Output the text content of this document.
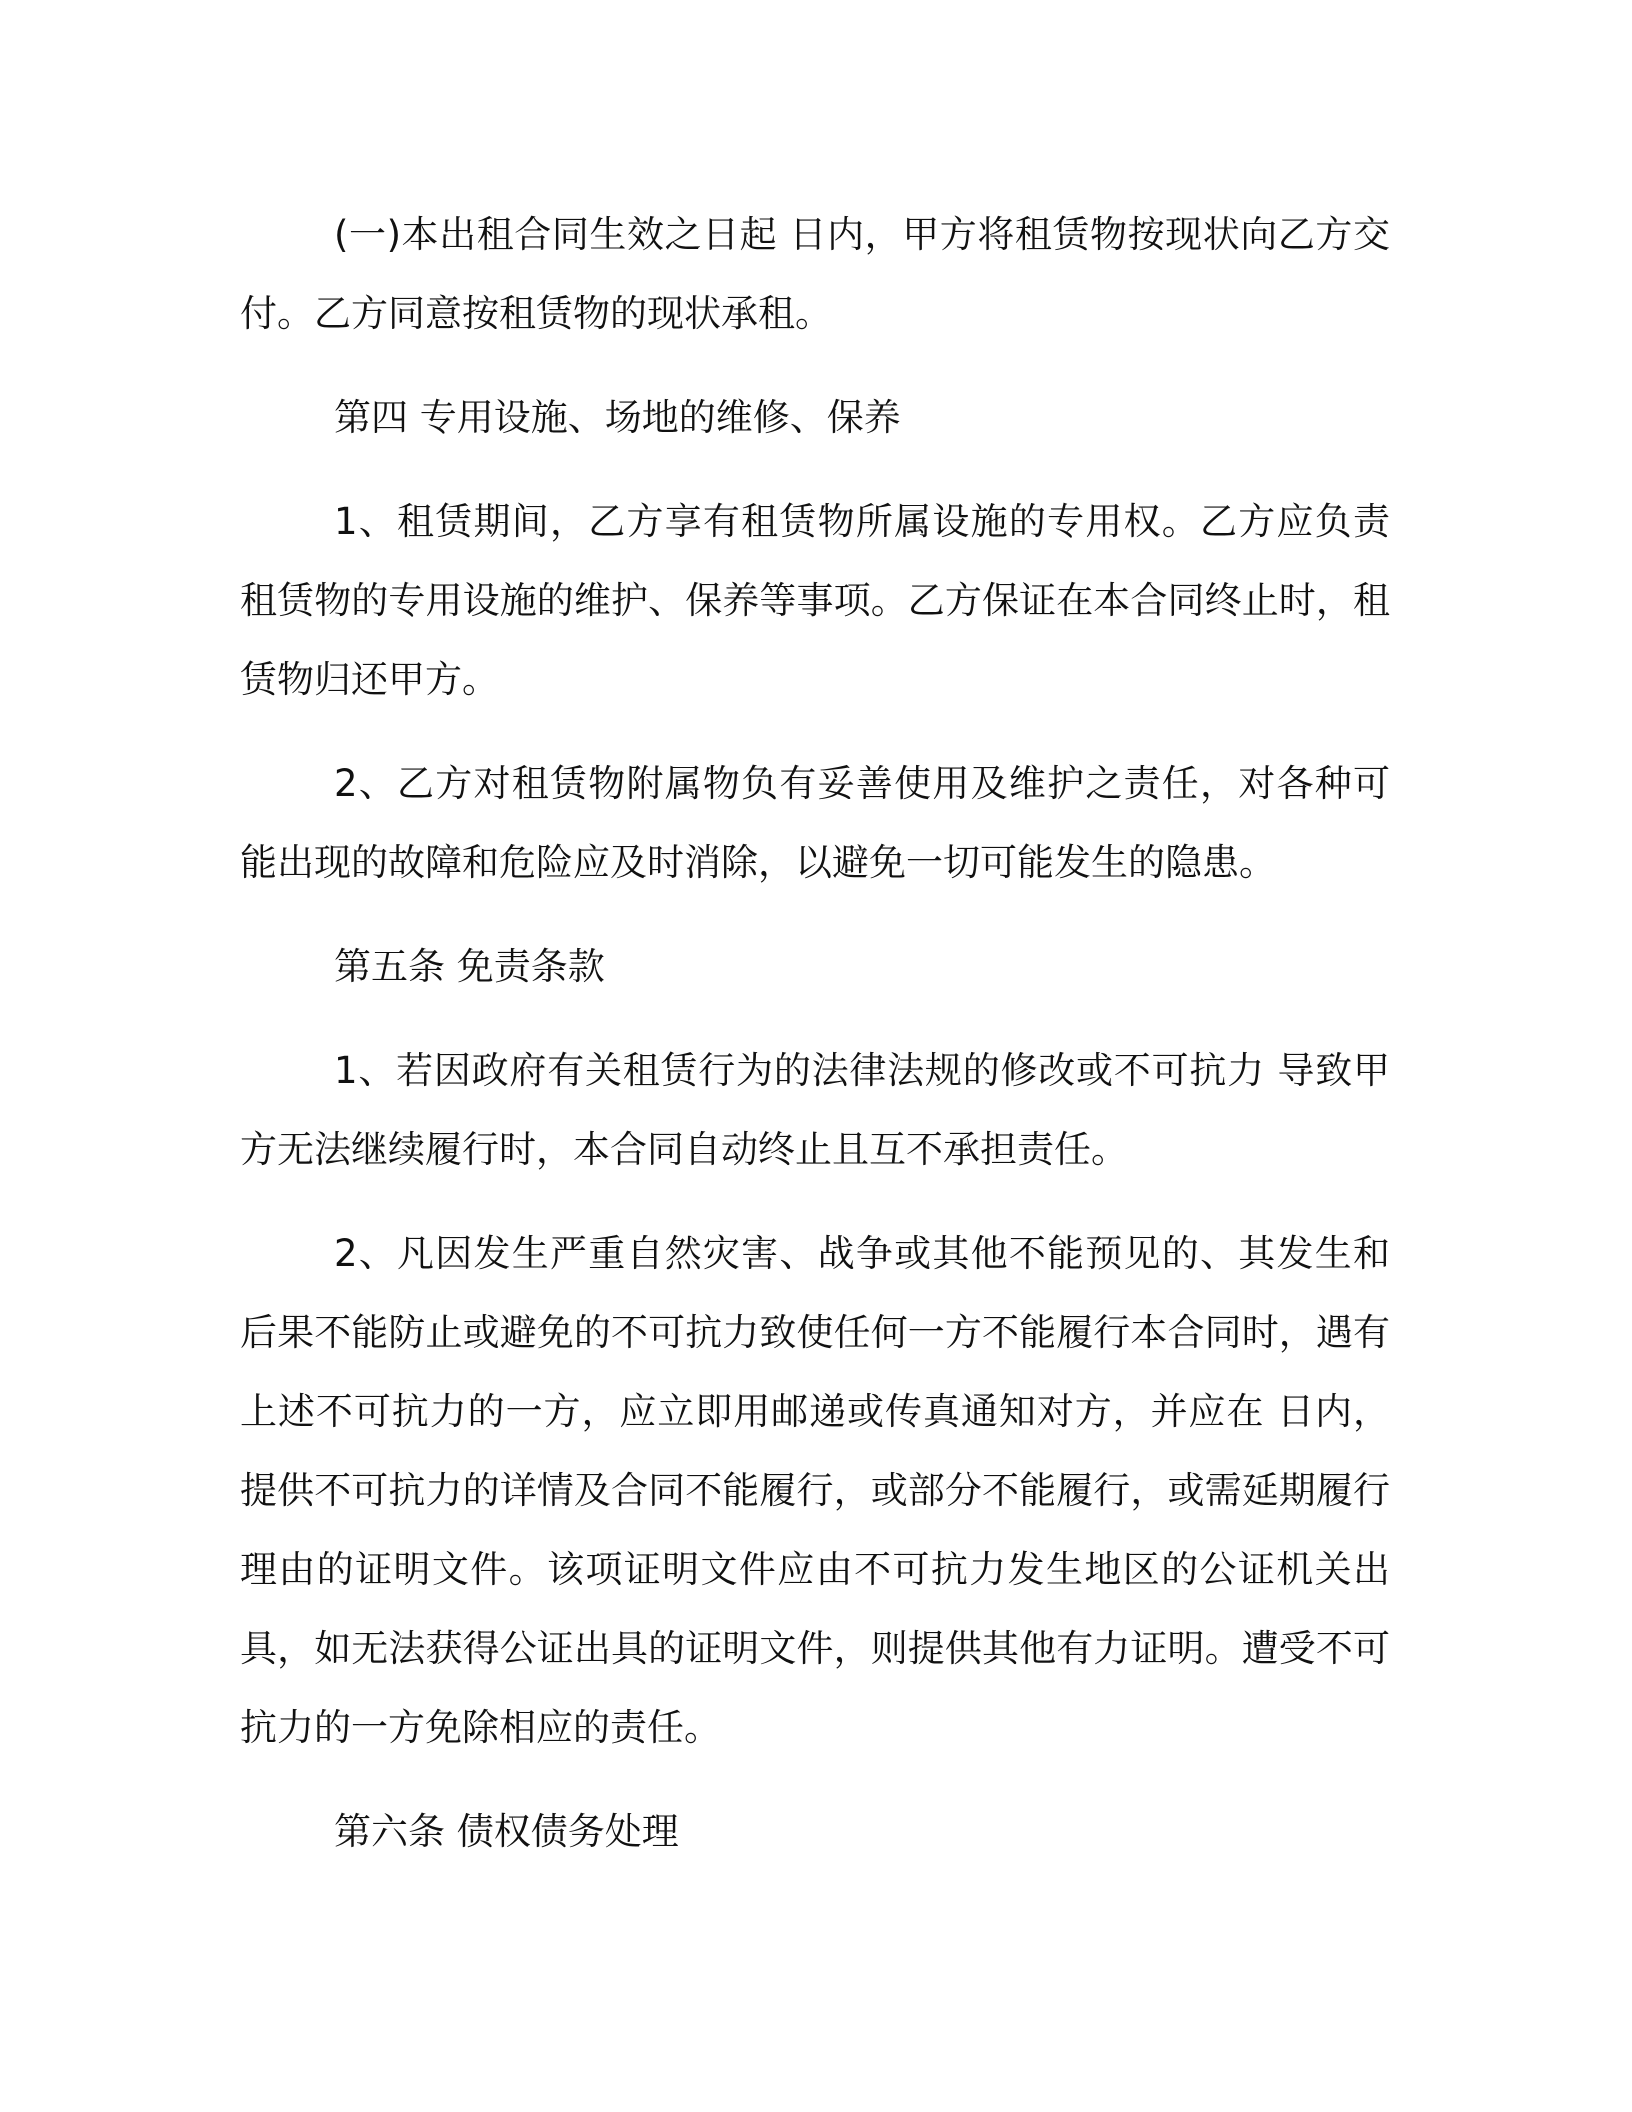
(一)本出租合同生效之日起 日内，甲方将租赁物按现状向乙方交付。乙方同意按租赁物的现状承租。

第四 专用设施、场地的维修、保养

1、租赁期间，乙方享有租赁物所属设施的专用权。乙方应负责租赁物的专用设施的维护、保养等事项。乙方保证在本合同终止时，租赁物归还甲方。

2、乙方对租赁物附属物负有妥善使用及维护之责任，对各种可能出现的故障和危险应及时消除，以避免一切可能发生的隐患。

第五条 免责条款

1、若因政府有关租赁行为的法律法规的修改或不可抗力 导致甲方无法继续履行时，本合同自动终止且互不承担责任。

2、凡因发生严重自然灾害、战争或其他不能预见的、其发生和后果不能防止或避免的不可抗力致使任何一方不能履行本合同时，遇有上述不可抗力的一方，应立即用邮递或传真通知对方，并应在 日内，提供不可抗力的详情及合同不能履行，或部分不能履行，或需延期履行理由的证明文件。该项证明文件应由不可抗力发生地区的公证机关出具，如无法获得公证出具的证明文件，则提供其他有力证明。遭受不可抗力的一方免除相应的责任。

第六条 债权债务处理
